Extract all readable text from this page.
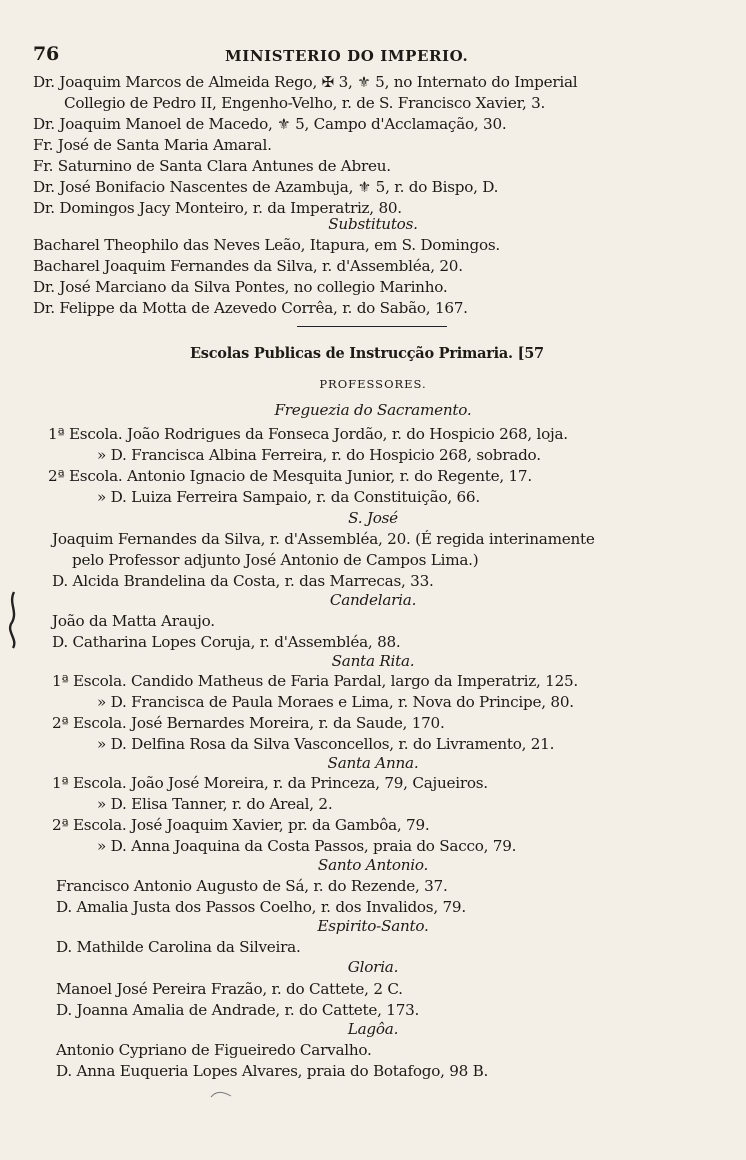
76	MINISTERIO DO IMPERIO.
Dr. Joaquim Marcos de Almeida Rego, ✠ 3, ⚜ 5, no Internato do Imperial
Collegio de Pedro II, Engenho-Velho, r. de S. Francisco Xavier, 3.
Dr. Joaquim Manoel de Macedo, ⚜ 5, Campo d'Acclamação, 30.
Fr. José de Santa Maria Amaral.
Fr. Saturnino de Santa Clara Antunes de Abreu.
Dr. José Bonifacio Nascentes de Azambuja, ⚜ 5, r. do Bispo, D.
Dr. Domingos Jacy Monteiro, r. da Imperatriz, 80.
Substitutos.
Bacharel Theophilo das Neves Leão, Itapura, em S. Domingos.
Bacharel Joaquim Fernandes da Silva, r. d'Assembléa, 20.
Dr. José Marciano da Silva Pontes, no collegio Marinho.
Dr. Felippe da Motta de Azevedo Corrêa, r. do Sabão, 167.
Escolas Publicas de Instrucção Primaria. [57
PROFESSORES.
Freguezia do Sacramento.
1ª Escola. João Rodrigues da Fonseca Jordão, r. do Hospicio 268, loja.
» D. Francisca Albina Ferreira, r. do Hospicio 268, sobrado.
2ª Escola. Antonio Ignacio de Mesquita Junior, r. do Regente, 17.
» D. Luiza Ferreira Sampaio, r. da Constituição, 66.
S. José
Joaquim Fernandes da Silva, r. d'Assembléa, 20. (É regida interinamente
pelo Professor adjunto José Antonio de Campos Lima.)
D. Alcida Brandelina da Costa, r. das Marrecas, 33.
Candelaria.
João da Matta Araujo.
D. Catharina Lopes Coruja, r. d'Assembléa, 88.
Santa Rita.
1ª Escola. Candido Matheus de Faria Pardal, largo da Imperatriz, 125.
» D. Francisca de Paula Moraes e Lima, r. Nova do Principe, 80.
2ª Escola. José Bernardes Moreira, r. da Saude, 170.
» D. Delfina Rosa da Silva Vasconcellos, r. do Livramento, 21.
Santa Anna.
1ª Escola. João José Moreira, r. da Princeza, 79, Cajueiros.
» D. Elisa Tanner, r. do Areal, 2.
2ª Escola. José Joaquim Xavier, pr. da Gambôa, 79.
» D. Anna Joaquina da Costa Passos, praia do Sacco, 79.
Santo Antonio.
Francisco Antonio Augusto de Sá, r. do Rezende, 37.
D. Amalia Justa dos Passos Coelho, r. dos Invalidos, 79.
Espirito-Santo.
D. Mathilde Carolina da Silveira.
Gloria.
Manoel José Pereira Frazão, r. do Cattete, 2 C.
D. Joanna Amalia de Andrade, r. do Cattete, 173.
Lagôa.
Antonio Cypriano de Figueiredo Carvalho.
D. Anna Euqueria Lopes Alvares, praia do Botafogo, 98 B.
